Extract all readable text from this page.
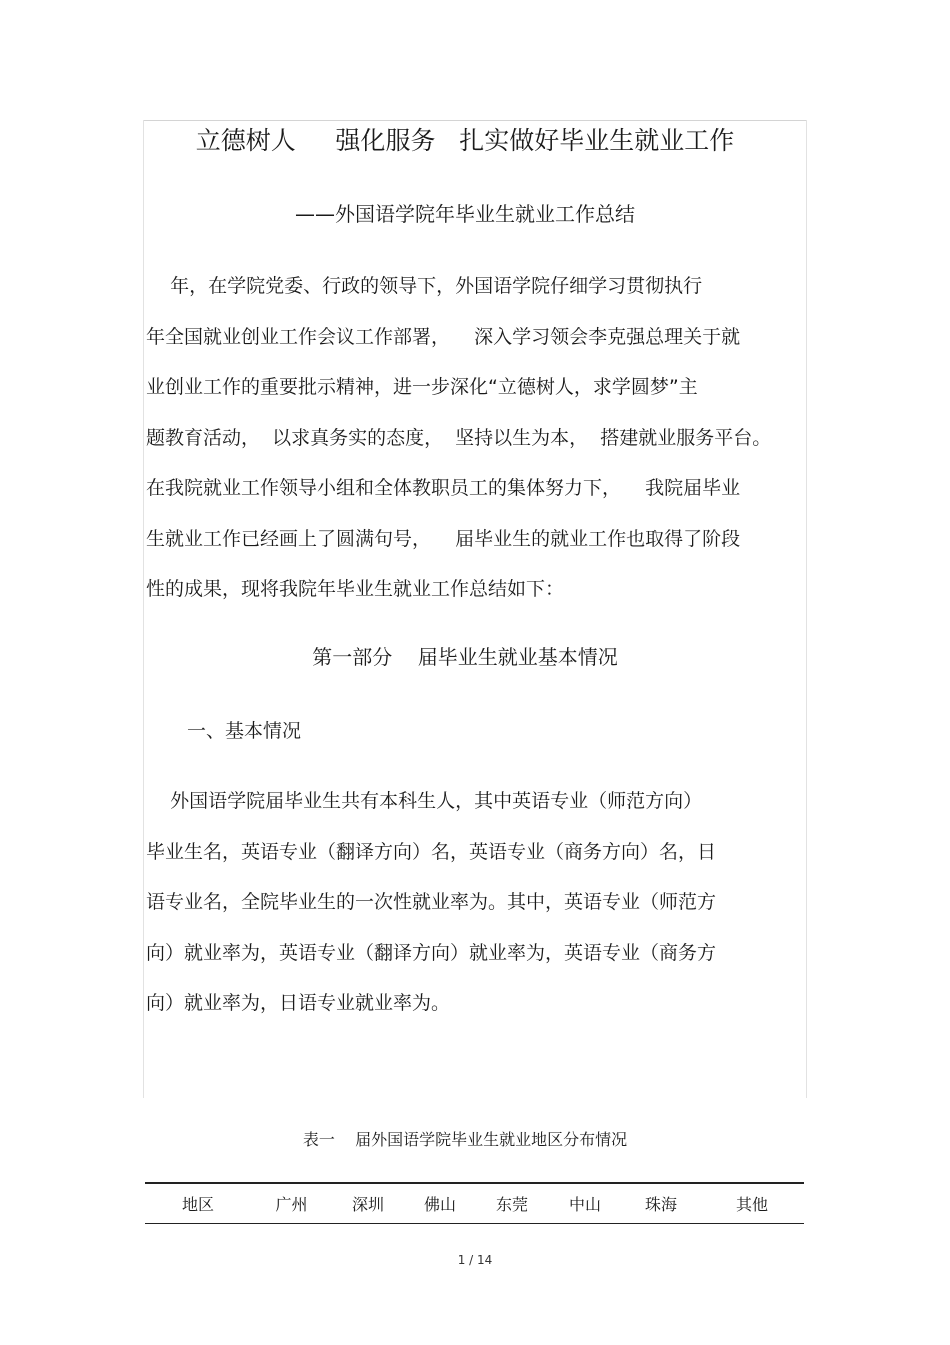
立德树人     强化服务   扎实做好毕业生就业工作
——外国语学院年毕业生就业工作总结
年，在学院党委、行政的领导下，外国语学院仔细学习贯彻执行
年全国就业创业工作会议工作部署，    深入学习领会李克强总理关于就
业创业工作的重要批示精神，进一步深化“立德树人，求学圆梦”主
题教育活动，  以求真务实的态度，  坚持以生为本，  搭建就业服务平台。
在我院就业工作领导小组和全体教职员工的集体努力下，    我院届毕业
生就业工作已经画上了圆满句号，    届毕业生的就业工作也取得了阶段
性的成果，现将我院年毕业生就业工作总结如下：
第一部分    届毕业生就业基本情况
一、基本情况
外国语学院届毕业生共有本科生人，其中英语专业（师范方向）
毕业生名，英语专业（翻译方向）名，英语专业（商务方向）名，日
语专业名，全院毕业生的一次性就业率为。其中，英语专业（师范方
向）就业率为，英语专业（翻译方向）就业率为，英语专业（商务方
向）就业率为，日语专业就业率为。
表一    届外国语学院毕业生就业地区分布情况
地区	广州	深圳	佛山	东莞	中山	珠海	其他
1 / 14
